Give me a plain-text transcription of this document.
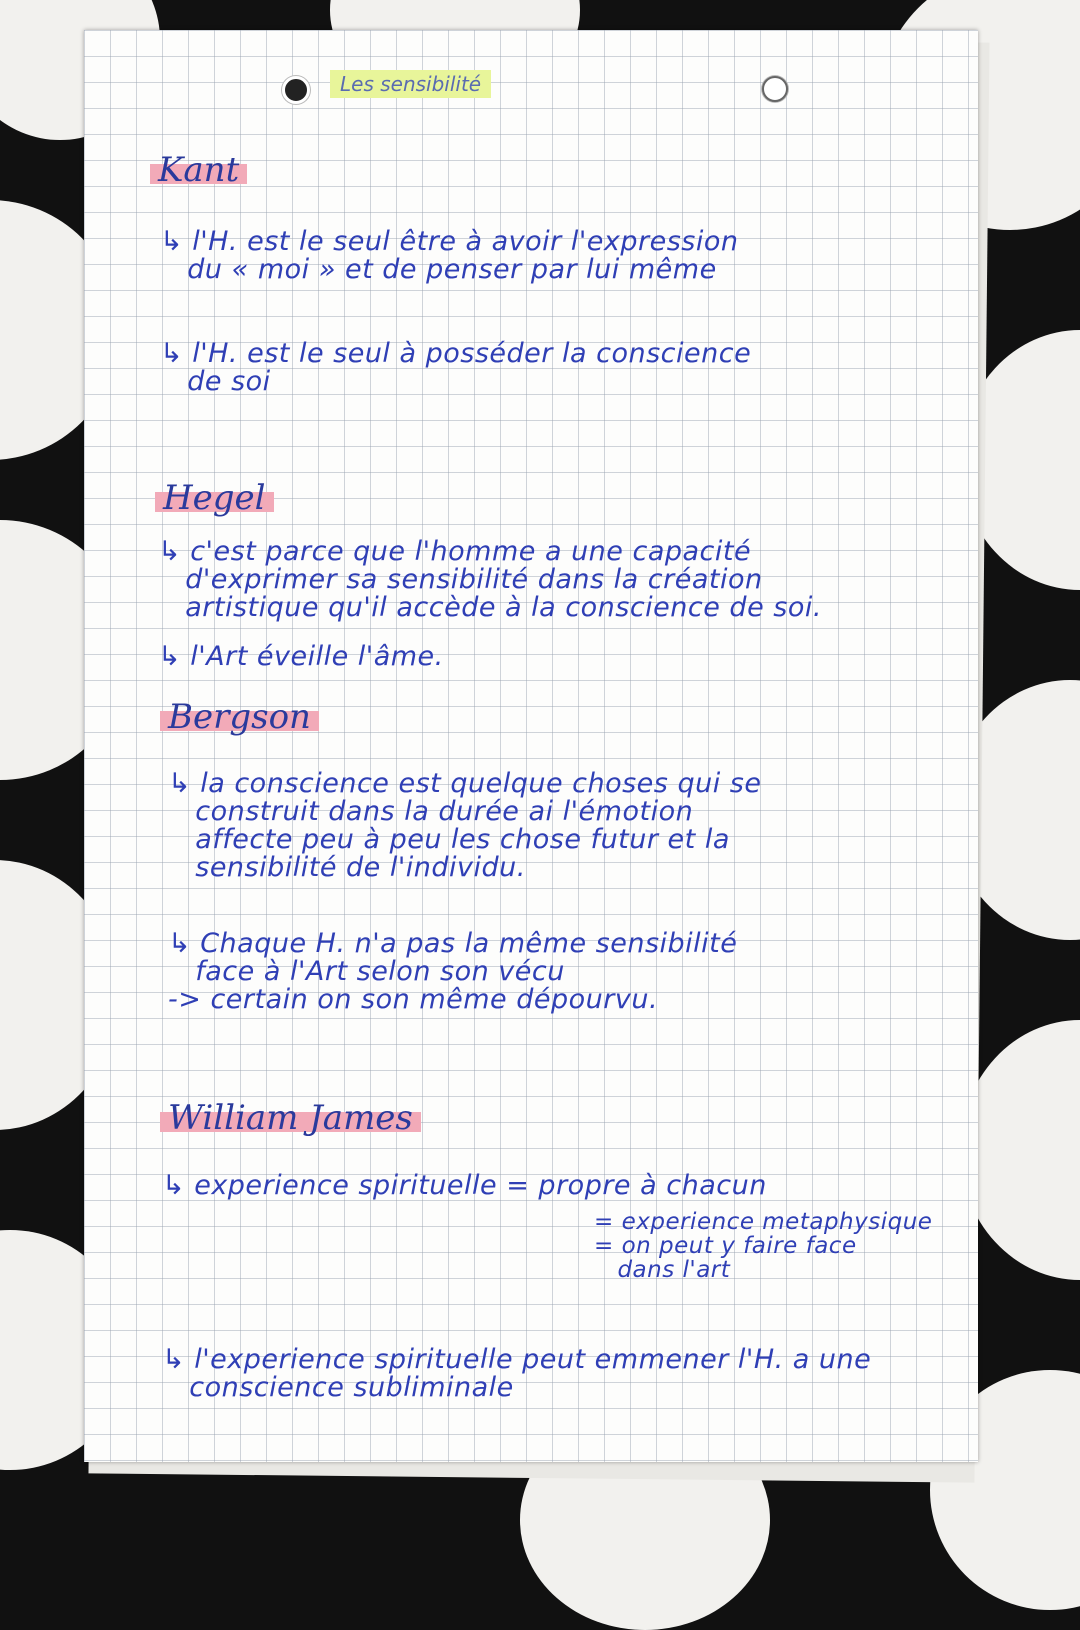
Les sensibilité
Kant
↳ l'H. est le seul être à avoir l'expression
du « moi » et de penser par lui même
↳ l'H. est le seul à posséder la conscience
de soi
Hegel
↳ c'est parce que l'homme a une capacité
d'exprimer sa sensibilité dans la création
artistique qu'il accède à la conscience de soi.
↳ l'Art éveille l'âme.
Bergson
↳ la conscience est quelque choses qui se
construit dans la durée ai l'émotion
affecte peu à peu les chose futur et la
sensibilité de l'individu.
↳ Chaque H. n'a pas la même sensibilité
face à l'Art selon son vécu
-> certain on son même dépourvu.
William James
↳ experience spirituelle = propre à chacun
= experience metaphysique
= on peut y faire face
dans l'art
↳ l'experience spirituelle peut emmener l'H. a une
conscience subliminale
